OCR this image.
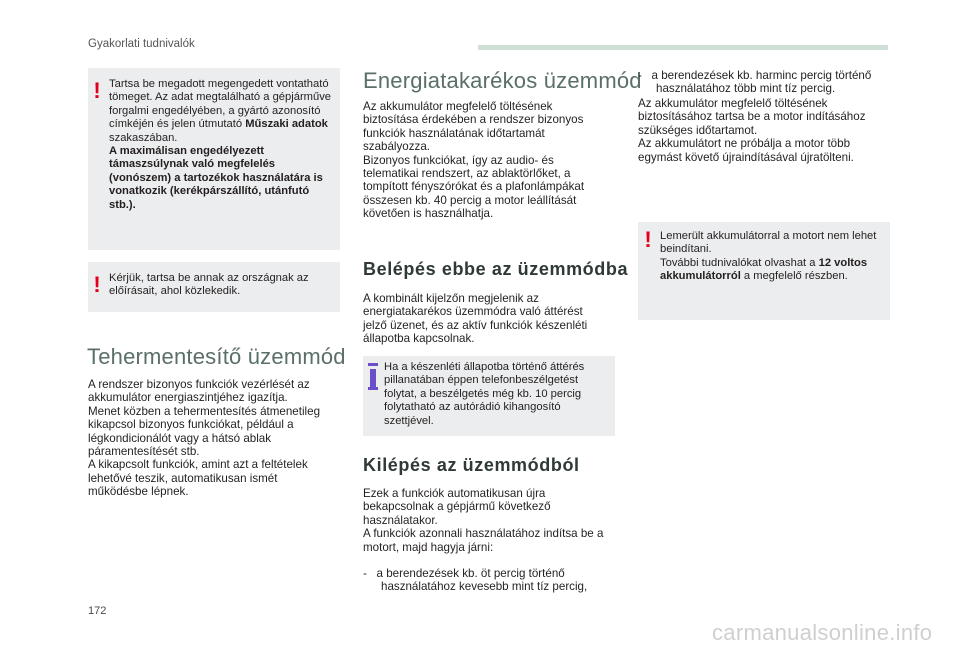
Gyakorlati tudnivalók
! Tartsa be megadott megengedett vontatható tömeget. Az adat megtalálható a gépjárműve forgalmi engedélyében, a gyártó azonosító címkéjén és jelen útmutató Műszaki adatok szakaszában.
A maximálisan engedélyezett támaszsúlynak való megfelelés (vonószem) a tartozékok használatára is vonatkozik (kerékpárszállító, utánfutó stb.).
! Kérjük, tartsa be annak az országnak az előírásait, ahol közlekedik.
Tehermentesítő üzemmód
A rendszer bizonyos funkciók vezérlését az akkumulátor energiaszintjéhez igazítja.
Menet közben a tehermentesítés átmenetileg kikapcsol bizonyos funkciókat, például a légkondicionálót vagy a hátsó ablak páramentesítését stb.
A kikapcsolt funkciók, amint azt a feltételek lehetővé teszik, automatikusan ismét működésbe lépnek.
Energiatakarékos üzemmód
Az akkumulátor megfelelő töltésének biztosítása érdekében a rendszer bizonyos funkciók használatának időtartamát szabályozza.
Bizonyos funkciókat, így az audio- és telematikai rendszert, az ablaktörlőket, a tompított fényszórókat és a plafonlámpákat összesen kb. 40 percig a motor leállítását követően is használhatja.
Belépés ebbe az üzemmódba
A kombinált kijelzőn megjelenik az energiatakarékos üzemmódra való áttérést jelző üzenet, és az aktív funkciók készenléti állapotba kapcsolnak.
Ha a készenléti állapotba történő áttérés pillanatában éppen telefonbeszélgetést folytat, a beszélgetés még kb. 10 percig folytatható az autórádió kihangosító szettjével.
Kilépés az üzemmódból
Ezek a funkciók automatikusan újra bekapcsolnak a gépjármű következő használatakor.
A funkciók azonnali használatához indítsa be a motort, majd hagyja járni:
-   a berendezések kb. öt percig történő használatához kevesebb mint tíz percig,
-   a berendezések kb. harminc percig történő használatához több mint tíz percig.
Az akkumulátor megfelelő töltésének biztosításához tartsa be a motor indításához szükséges időtartamot.
Az akkumulátort ne próbálja a motor több egymást követő újraindításával újratölteni.
! Lemerült akkumulátorral a motort nem lehet beindítani.
További tudnivalókat olvashat a 12 voltos akkumulátorról a megfelelő részben.
172
carmanualsonline.info
